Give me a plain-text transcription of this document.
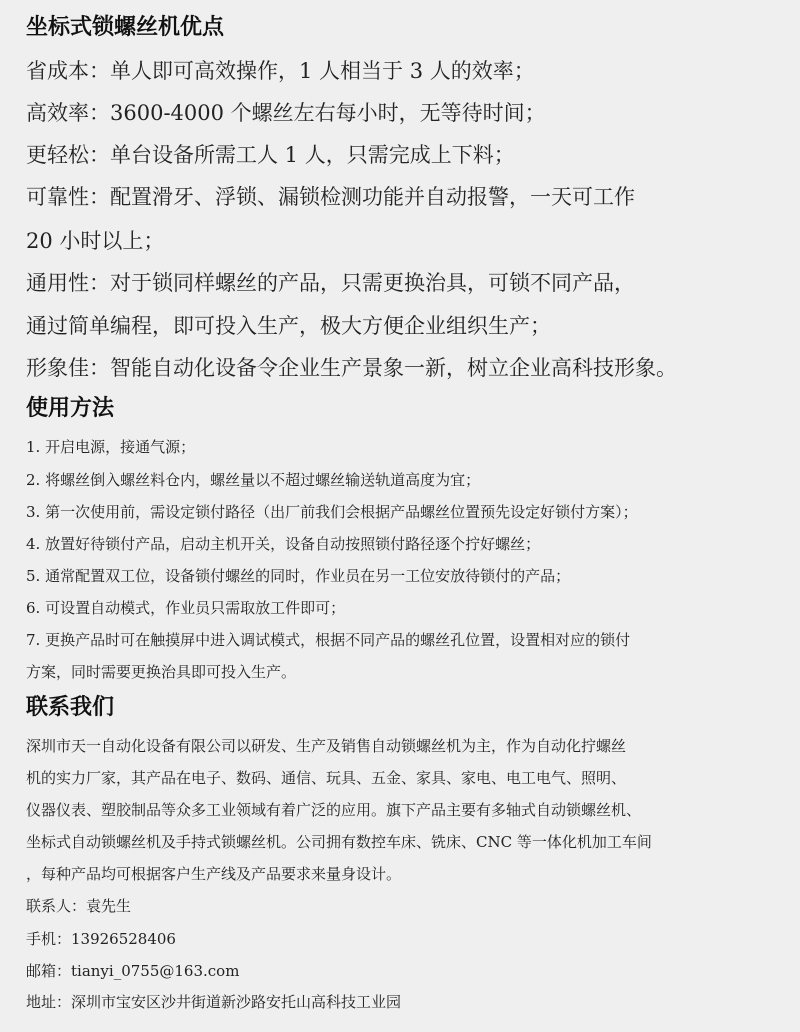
坐标式锁螺丝机优点
省成本：单人即可高效操作，1 人相当于 3 人的效率；
高效率：3600-4000 个螺丝左右每小时，无等待时间；
更轻松：单台设备所需工人 1 人，只需完成上下料；
可靠性：配置滑牙、浮锁、漏锁检测功能并自动报警，一天可工作
20 小时以上；
通用性：对于锁同样螺丝的产品，只需更换治具，可锁不同产品，
通过简单编程，即可投入生产，极大方便企业组织生产；
形象佳：智能自动化设备令企业生产景象一新，树立企业高科技形象。
使用方法
1. 开启电源，接通气源；
2. 将螺丝倒入螺丝料仓内，螺丝量以不超过螺丝输送轨道高度为宜；
3. 第一次使用前，需设定锁付路径（出厂前我们会根据产品螺丝位置预先设定好锁付方案）；
4. 放置好待锁付产品，启动主机开关，设备自动按照锁付路径逐个拧好螺丝；
5. 通常配置双工位，设备锁付螺丝的同时，作业员在另一工位安放待锁付的产品；
6. 可设置自动模式，作业员只需取放工件即可；
7. 更换产品时可在触摸屏中进入调试模式，根据不同产品的螺丝孔位置，设置相对应的锁付
方案，同时需要更换治具即可投入生产。
联系我们
深圳市天一自动化设备有限公司以研发、生产及销售自动锁螺丝机为主，作为自动化拧螺丝
机的实力厂家，其产品在电子、数码、通信、玩具、五金、家具、家电、电工电气、照明、
仪器仪表、塑胶制品等众多工业领域有着广泛的应用。旗下产品主要有多轴式自动锁螺丝机、
坐标式自动锁螺丝机及手持式锁螺丝机。公司拥有数控车床、铣床、CNC 等一体化机加工车间
，每种产品均可根据客户生产线及产品要求来量身设计。
联系人：袁先生
手机：13926528406
邮箱：tianyi_0755@163.com
地址：深圳市宝安区沙井街道新沙路安托山高科技工业园
